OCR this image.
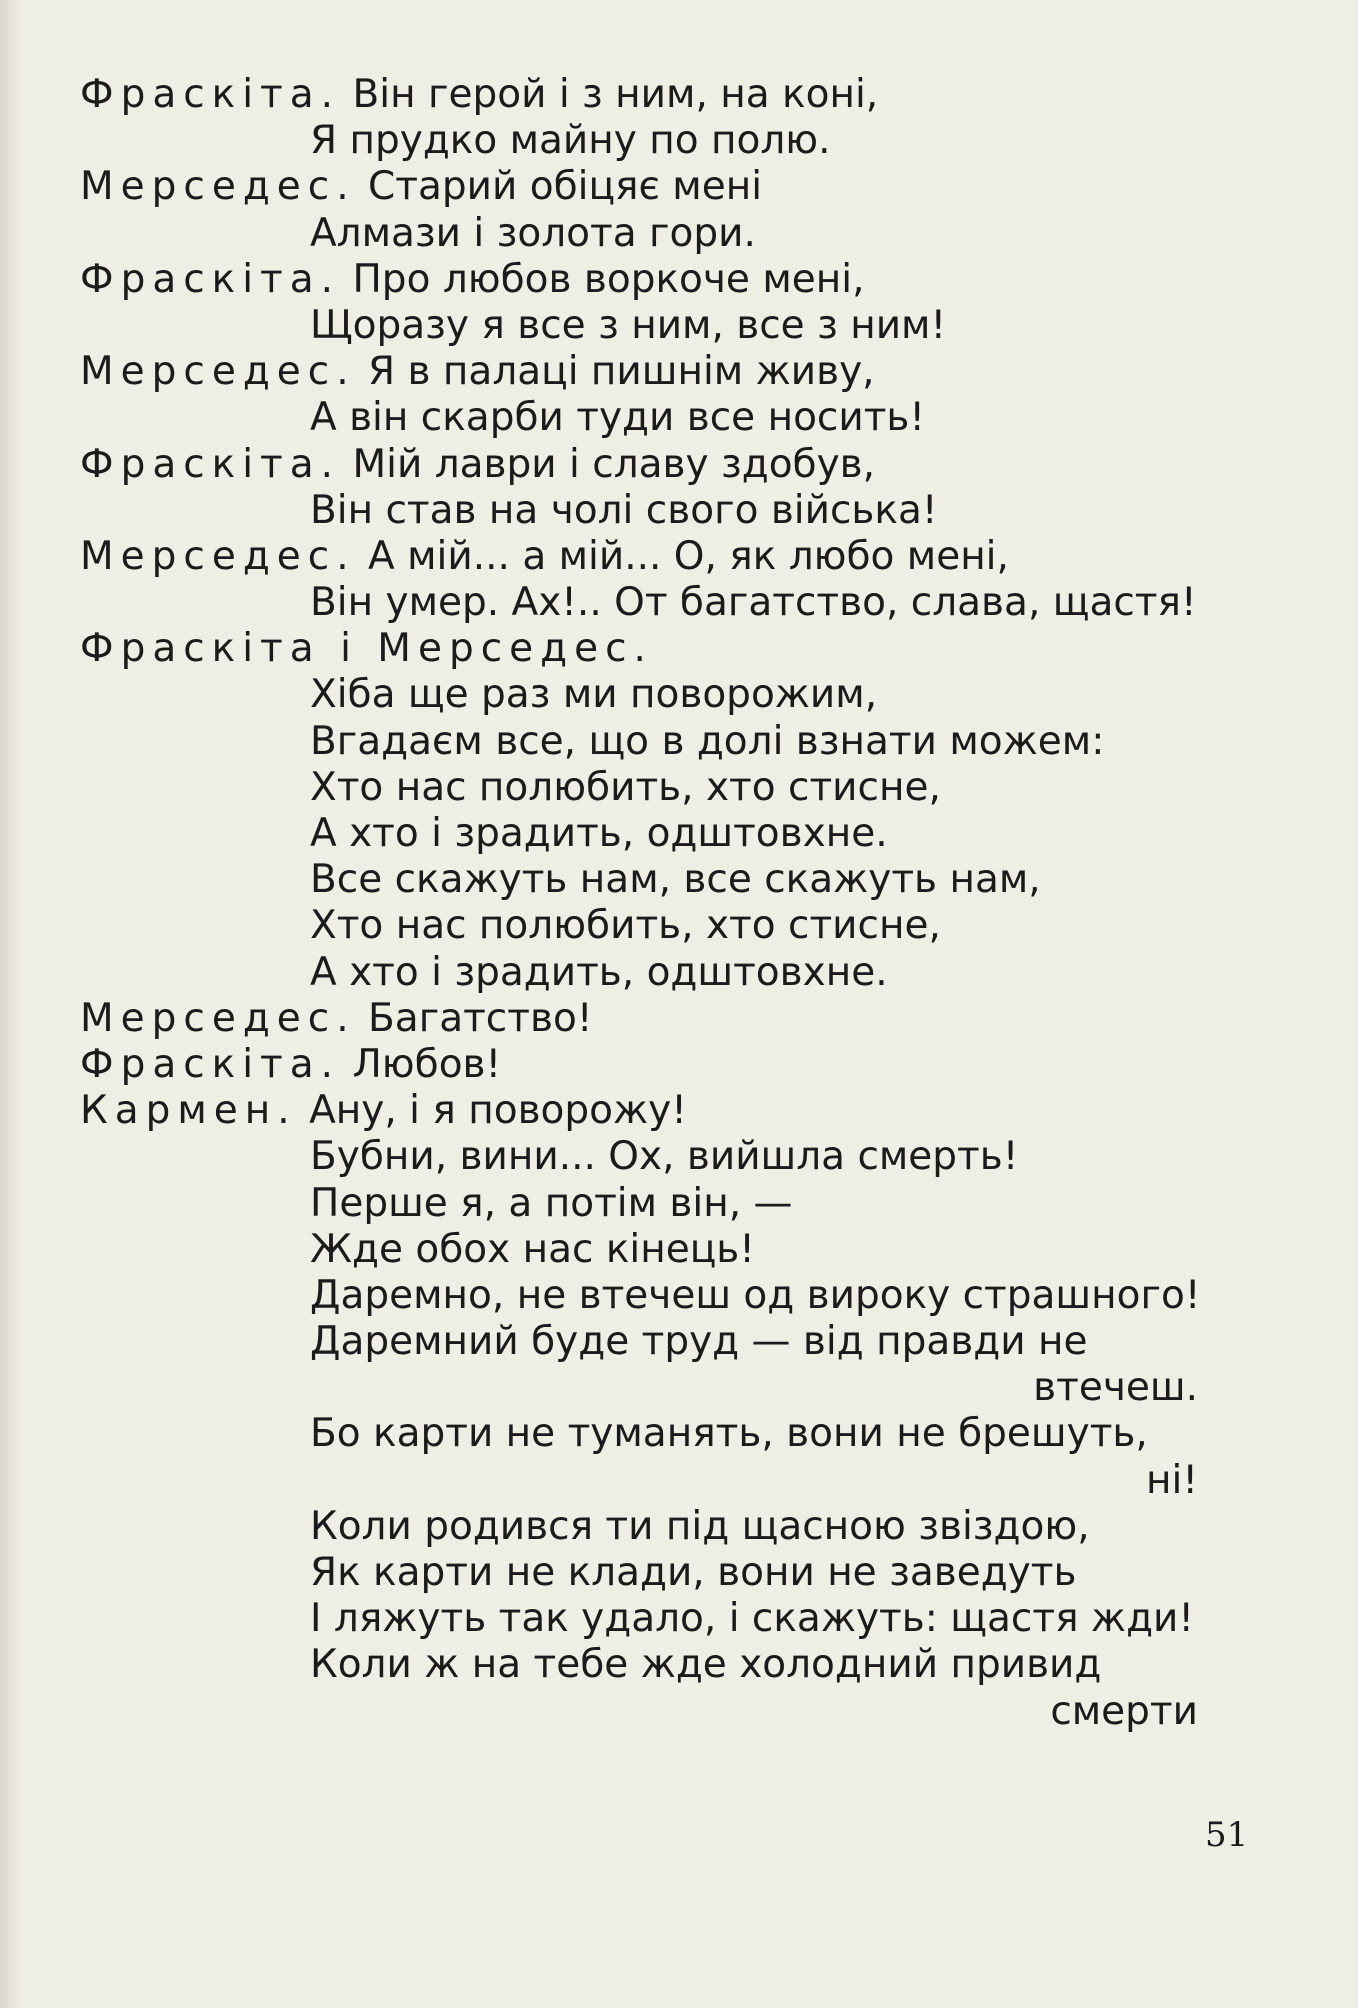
Фраскіта. Він герой і з ним, на коні,
Я прудко майну по полю.
Мерседес. Старий обіцяє мені
Алмази і золота гори.
Фраскіта. Про любов воркоче мені,
Щоразу я все з ним, все з ним!
Мерседес. Я в палаці пишнім живу,
А він скарби туди все носить!
Фраскіта. Мій лаври і славу здобув,
Він став на чолі свого війська!
Мерседес. А мій... а мій... О, як любо мені,
Він умер. Ах!.. От багатство, слава, щастя!
Фраскіта і Мерседес.
Хіба ще раз ми поворожим,
Вгадаєм все, що в долі взнати можем:
Хто нас полюбить, хто стисне,
А хто і зрадить, одштовхне.
Все скажуть нам, все скажуть нам,
Хто нас полюбить, хто стисне,
А хто і зрадить, одштовхне.
Мерседес. Багатство!
Фраскіта. Любов!
Кармен. Ану, і я поворожу!
Бубни, вини... Ох, вийшла смерть!
Перше я, а потім він, —
Жде обох нас кінець!
Даремно, не втечеш од вироку страшного!
Даремний буде труд — від правди не
втечеш.
Бо карти не туманять, вони не брешуть,
ні!
Коли родився ти під щасною звіздою,
Як карти не клади, вони не заведуть
І ляжуть так удало, і скажуть: щастя жди!
Коли ж на тебе жде холодний привид
смерти
51
